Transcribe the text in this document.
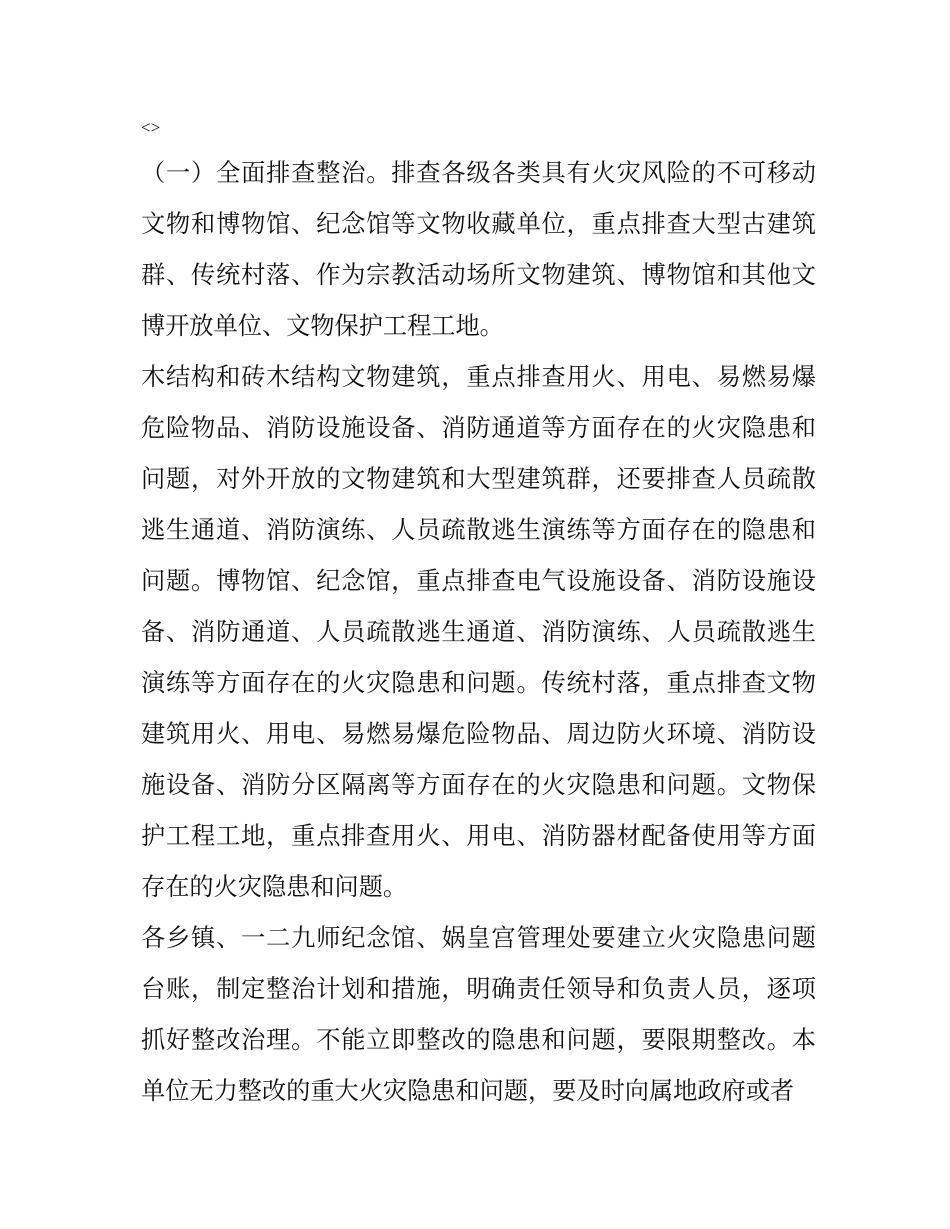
<>

（一）全面排查整治。排查各级各类具有火灾风险的不可移动文物和博物馆、纪念馆等文物收藏单位，重点排查大型古建筑群、传统村落、作为宗教活动场所文物建筑、博物馆和其他文博开放单位、文物保护工程工地。

木结构和砖木结构文物建筑，重点排查用火、用电、易燃易爆危险物品、消防设施设备、消防通道等方面存在的火灾隐患和问题，对外开放的文物建筑和大型建筑群，还要排查人员疏散逃生通道、消防演练、人员疏散逃生演练等方面存在的隐患和问题。博物馆、纪念馆，重点排查电气设施设备、消防设施设备、消防通道、人员疏散逃生通道、消防演练、人员疏散逃生演练等方面存在的火灾隐患和问题。传统村落，重点排查文物建筑用火、用电、易燃易爆危险物品、周边防火环境、消防设施设备、消防分区隔离等方面存在的火灾隐患和问题。文物保护工程工地，重点排查用火、用电、消防器材配备使用等方面存在的火灾隐患和问题。

各乡镇、一二九师纪念馆、娲皇宫管理处要建立火灾隐患问题台账，制定整治计划和措施，明确责任领导和负责人员，逐项抓好整改治理。不能立即整改的隐患和问题，要限期整改。本单位无力整改的重大火灾隐患和问题，要及时向属地政府或者
